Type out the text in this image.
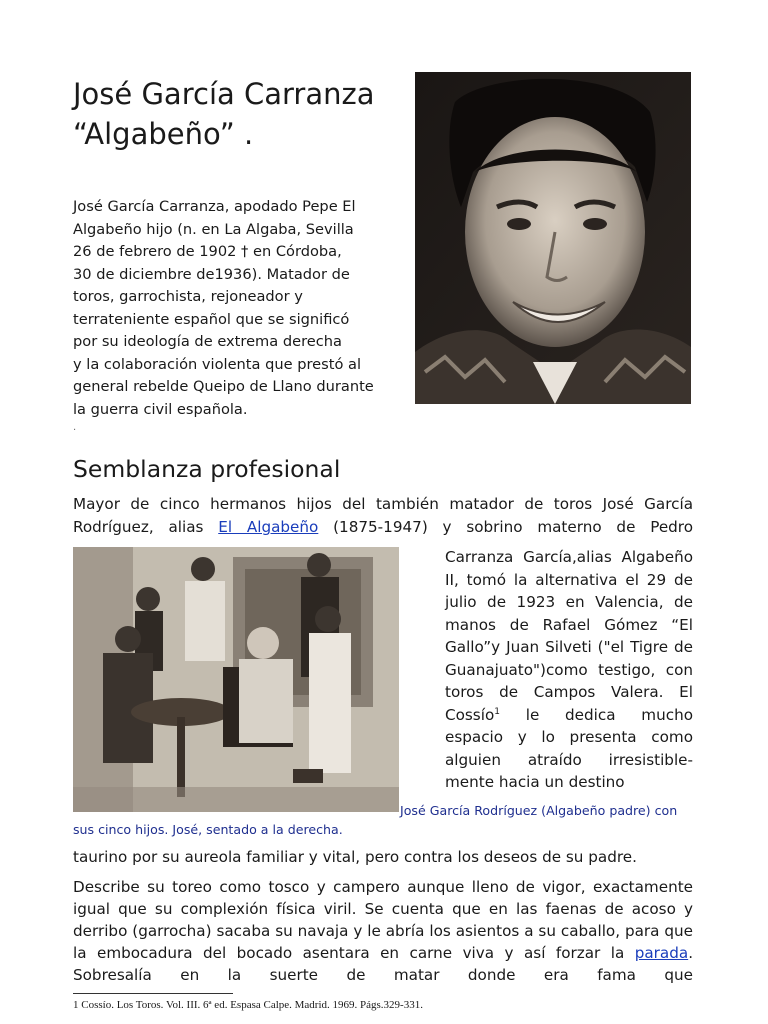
José García Carranza
“Algabeño” .
José García Carranza, apodado Pepe El
Algabeño hijo (n. en La Algaba, Sevilla
26 de febrero de 1902 † en Córdoba,
30 de diciembre de1936). Matador de
toros, garrochista, rejoneador y
terrateniente español que se significó
por su ideología de extrema derecha
y la colaboración violenta que prestó al
general rebelde Queipo de Llano durante
la guerra civil española.
.
Semblanza profesional
Mayor de cinco hermanos hijos del también matador de toros José García
Rodríguez, alias El Algabeño (1875-1947) y sobrino materno de Pedro
Carranza García,alias Algabeño II, tomó la alternativa el 29 de julio de 1923 en Valencia, de manos de Rafael Gómez “El Gallo”y Juan Silveti ("el Tigre de Guanajuato")como testigo, con toros de Campos Valera. El Cossío$^1$ le dedica mucho espacio y lo presenta como alguien atraído irresistible-mente hacia un destino
José García Rodríguez (Algabeño padre) con
sus cinco hijos. José, sentado a la derecha.
taurino por su aureola familiar y vital, pero contra los deseos de su padre.
Describe su toreo como tosco y campero aunque lleno de vigor, exactamente igual que su complexión física viril. Se cuenta que en las faenas de acoso y derribo (garrocha) sacaba su navaja y le abría los asientos a su caballo, para que la embocadura del bocado asentara en carne viva y así forzar la parada. Sobresalía en la suerte de matar donde era fama que
1 Cossío. Los Toros. Vol. III. 6ª ed. Espasa Calpe. Madrid. 1969. Págs.329-331.
